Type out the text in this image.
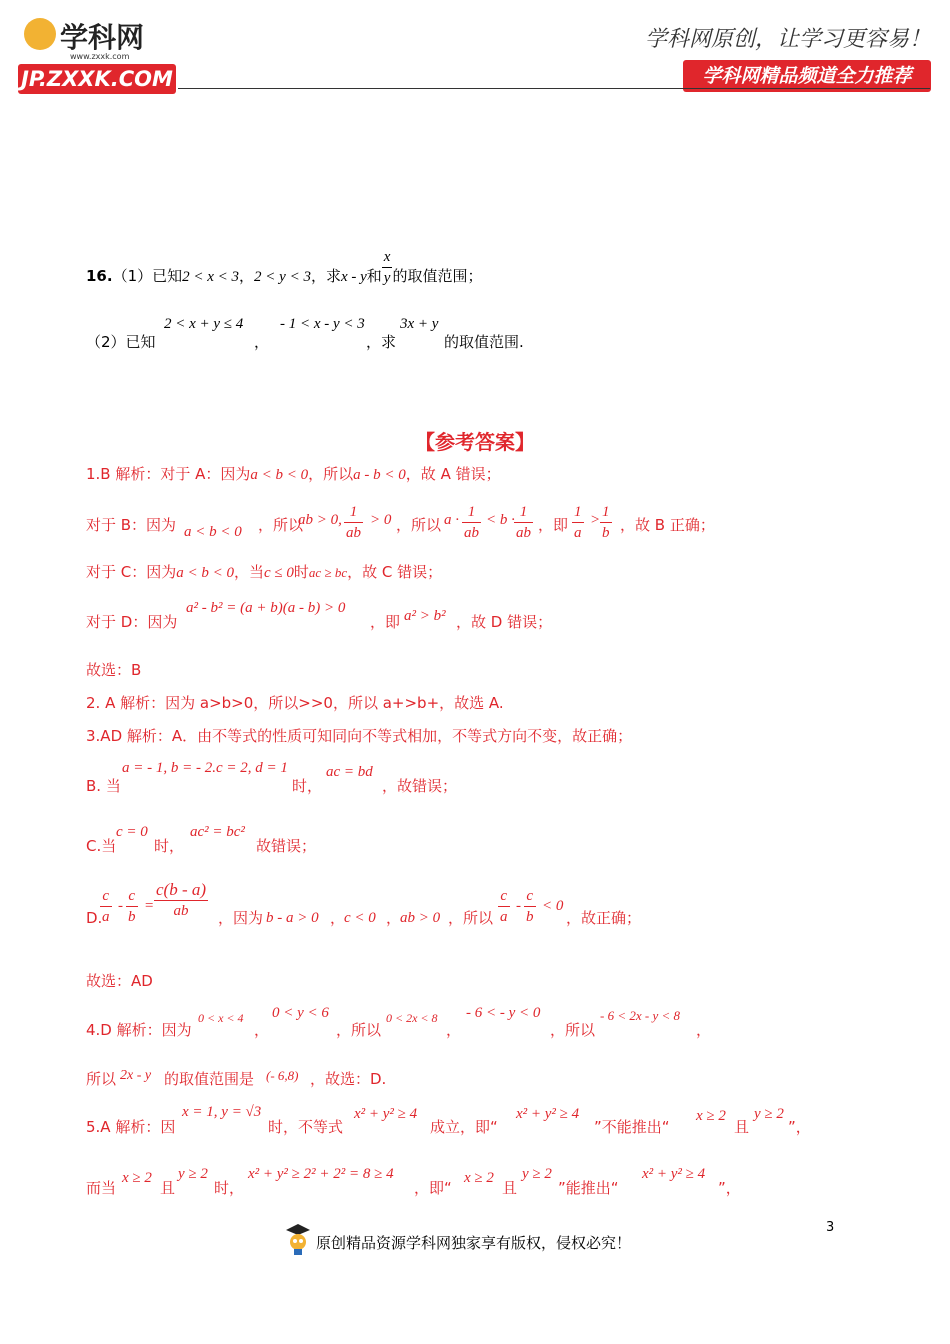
学科网
www.zxxk.com
JP.ZXXK.COM
学科网原创，让学习更容易！
学科网精品频道全力推荐
16.（1）已知2 < x < 3，2 < y < 3，求x - y和 $\frac{x}{y}$ 的取值范围；
（2）已知
2 < x + y ≤ 4
，
- 1 < x - y < 3
，求
3x + y
的取值范围.
【参考答案】
1.B 解析：对于 A：因为a < b < 0，所以a - b < 0，故 A 错误；
对于 B：因为 a < b < 0 ，所以
ab > 0, $\frac{1}{ab} > 0$ ，所以 $a \cdot \frac{1}{ab} < b \cdot \frac{1}{ab}$ ，即 $\frac{1}{a} > \frac{1}{b}$ ，故 B 正确；
对于 C：因为a < b < 0，当c ≤ 0时ac ≥ bc，故 C 错误；
对于 D：因为
a² - b² = (a + b)(a - b) > 0
，即 a² > b² ，故 D 错误；
故选：B
2. A 解析：因为 a>b>0，所以>>0，所以 a+>b+，故选 A.
3.AD 解析：A．由不等式的性质可知同向不等式相加，不等式方向不变，故正确；
B. 当
a = - 1, b = - 2.c = 2, d = 1
时，
ac = bd
，故错误；
C.当
c = 0
时，
ac² = bc²
故错误；
D.
$\frac{c}{a} - \frac{c}{b} = \frac{c(b - a)}{ab}$ ，因为 b - a > 0 ，
c < 0 ，
ab > 0 ，所以 $\frac{c}{a} - \frac{c}{b} < 0$
，故正确；
故选：AD
4.D 解析：因为
0 < x < 4
，
0 < y < 6
，所以
0 < 2x < 8
，
- 6 < - y < 0
，所以
- 6 < 2x - y < 8
，
所以 2x - y 的取值范围是 (- 6,8) ，故选：D.
5.A 解析：因
x = 1, y = √3
时，不等式
x² + y² ≥ 4
成立，即“
x² + y² ≥ 4
”不能推出“
x ≥ 2
且
y ≥ 2
”，
而当
x ≥ 2
且
y ≥ 2
时，
x² + y² ≥ 2² + 2² = 8 ≥ 4
，即“
x ≥ 2
且
y ≥ 2
”能推出“
x² + y² ≥ 4
”，
3
原创精品资源学科网独家享有版权，侵权必究！
